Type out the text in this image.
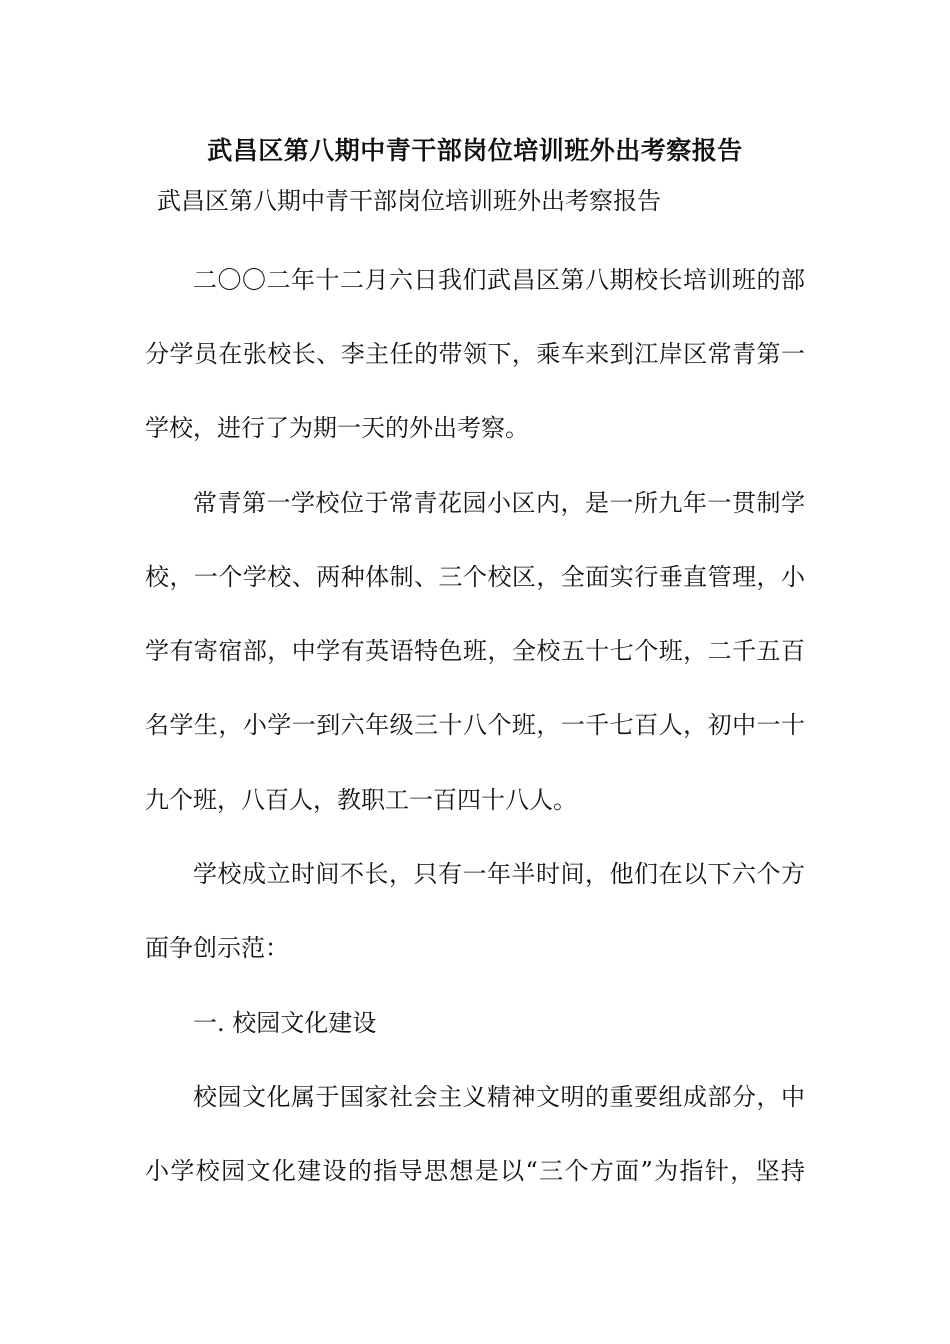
武昌区第八期中青干部岗位培训班外出考察报告
武昌区第八期中青干部岗位培训班外出考察报告
二〇〇二年十二月六日我们武昌区第八期校长培训班的部
分学员在张校长、李主任的带领下，乘车来到江岸区常青第一
学校，进行了为期一天的外出考察。
常青第一学校位于常青花园小区内，是一所九年一贯制学
校，一个学校、两种体制、三个校区，全面实行垂直管理，小
学有寄宿部，中学有英语特色班，全校五十七个班，二千五百
名学生，小学一到六年级三十八个班，一千七百人，初中一十
九个班，八百人，教职工一百四十八人。
学校成立时间不长，只有一年半时间，他们在以下六个方
面争创示范：
一. 校园文化建设
校园文化属于国家社会主义精神文明的重要组成部分，中
小学校园文化建设的指导思想是以“三个方面”为指针，坚持
